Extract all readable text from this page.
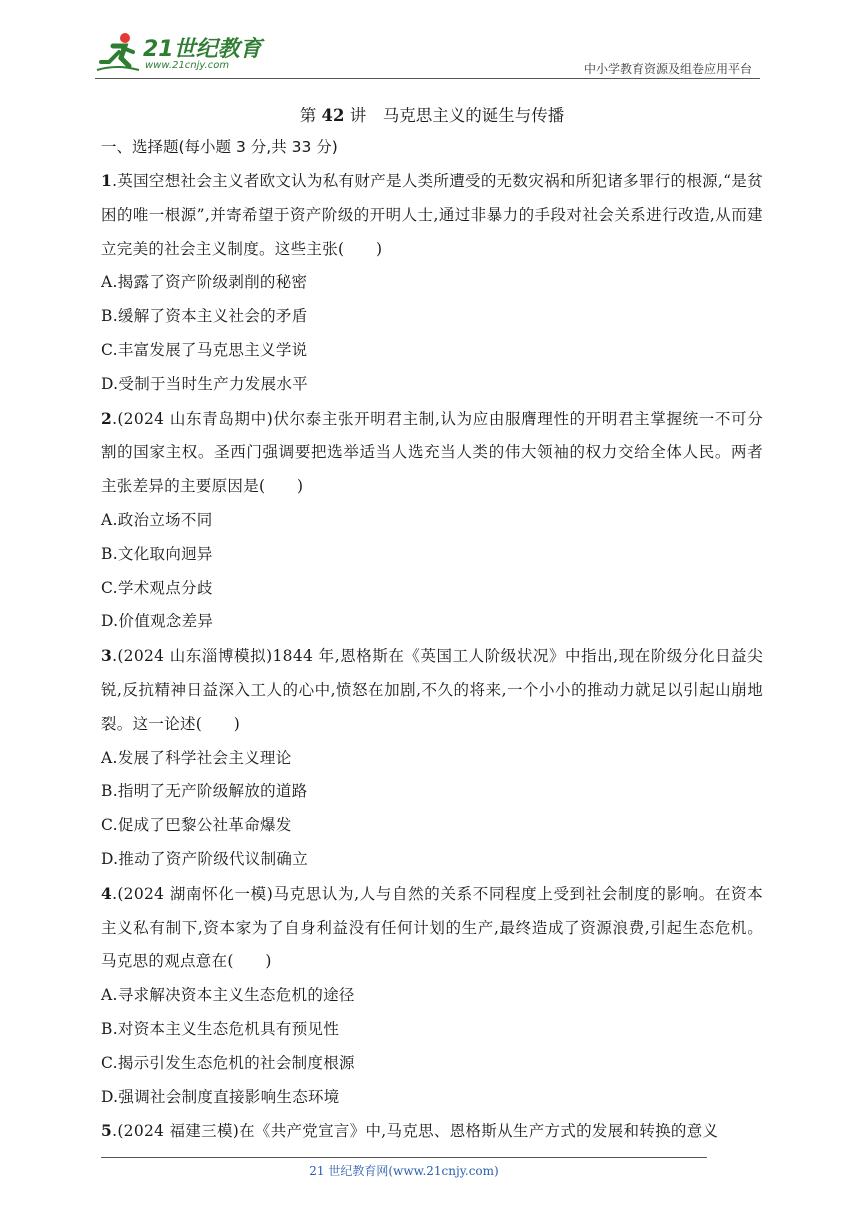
21世纪教育
www.21cnjy.com	中小学教育资源及组卷应用平台

第 42 讲　马克思主义的诞生与传播

一、选择题(每小题 3 分,共 33 分)

1.英国空想社会主义者欧文认为私有财产是人类所遭受的无数灾祸和所犯诸多罪行的根源,“是贫困的唯一根源”,并寄希望于资产阶级的开明人士,通过非暴力的手段对社会关系进行改造,从而建立完美的社会主义制度。这些主张(　　)

A.揭露了资产阶级剥削的秘密

B.缓解了资本主义社会的矛盾

C.丰富发展了马克思主义学说

D.受制于当时生产力发展水平

2.(2024 山东青岛期中)伏尔泰主张开明君主制,认为应由服膺理性的开明君主掌握统一不可分割的国家主权。圣西门强调要把选举适当人选充当人类的伟大领袖的权力交给全体人民。两者主张差异的主要原因是(　　)

A.政治立场不同

B.文化取向迥异

C.学术观点分歧

D.价值观念差异

3.(2024 山东淄博模拟)1844 年,恩格斯在《英国工人阶级状况》中指出,现在阶级分化日益尖锐,反抗精神日益深入工人的心中,愤怒在加剧,不久的将来,一个小小的推动力就足以引起山崩地裂。这一论述(　　)

A.发展了科学社会主义理论

B.指明了无产阶级解放的道路

C.促成了巴黎公社革命爆发

D.推动了资产阶级代议制确立

4.(2024 湖南怀化一模)马克思认为,人与自然的关系不同程度上受到社会制度的影响。在资本主义私有制下,资本家为了自身利益没有任何计划的生产,最终造成了资源浪费,引起生态危机。马克思的观点意在(　　)

A.寻求解决资本主义生态危机的途径

B.对资本主义生态危机具有预见性

C.揭示引发生态危机的社会制度根源

D.强调社会制度直接影响生态环境

5.(2024 福建三模)在《共产党宣言》中,马克思、恩格斯从生产方式的发展和转换的意义

21 世纪教育网(www.21cnjy.com)
